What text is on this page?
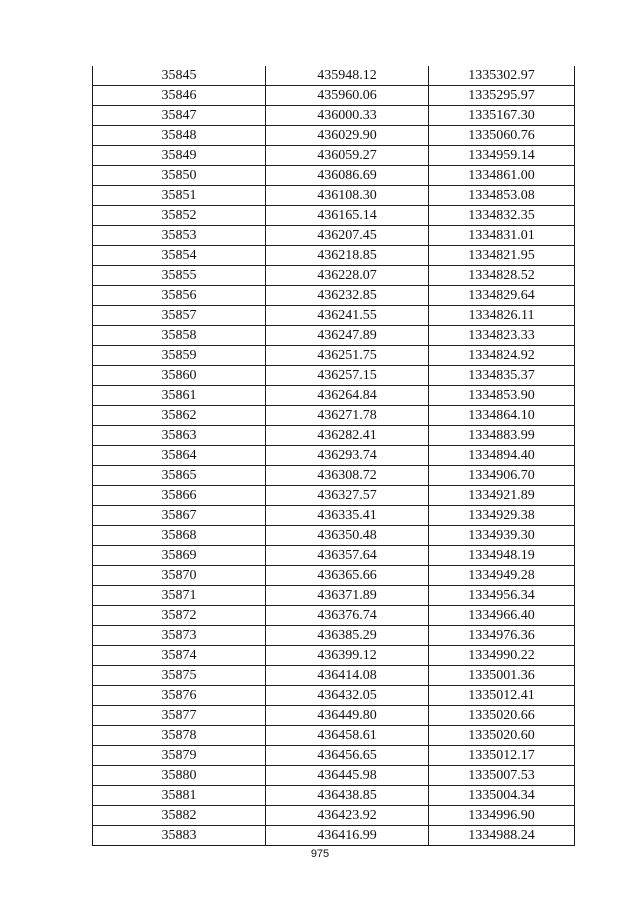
35845	435948.12	1335302.97
35846	435960.06	1335295.97
35847	436000.33	1335167.30
35848	436029.90	1335060.76
35849	436059.27	1334959.14
35850	436086.69	1334861.00
35851	436108.30	1334853.08
35852	436165.14	1334832.35
35853	436207.45	1334831.01
35854	436218.85	1334821.95
35855	436228.07	1334828.52
35856	436232.85	1334829.64
35857	436241.55	1334826.11
35858	436247.89	1334823.33
35859	436251.75	1334824.92
35860	436257.15	1334835.37
35861	436264.84	1334853.90
35862	436271.78	1334864.10
35863	436282.41	1334883.99
35864	436293.74	1334894.40
35865	436308.72	1334906.70
35866	436327.57	1334921.89
35867	436335.41	1334929.38
35868	436350.48	1334939.30
35869	436357.64	1334948.19
35870	436365.66	1334949.28
35871	436371.89	1334956.34
35872	436376.74	1334966.40
35873	436385.29	1334976.36
35874	436399.12	1334990.22
35875	436414.08	1335001.36
35876	436432.05	1335012.41
35877	436449.80	1335020.66
35878	436458.61	1335020.60
35879	436456.65	1335012.17
35880	436445.98	1335007.53
35881	436438.85	1335004.34
35882	436423.92	1334996.90
35883	436416.99	1334988.24
975
